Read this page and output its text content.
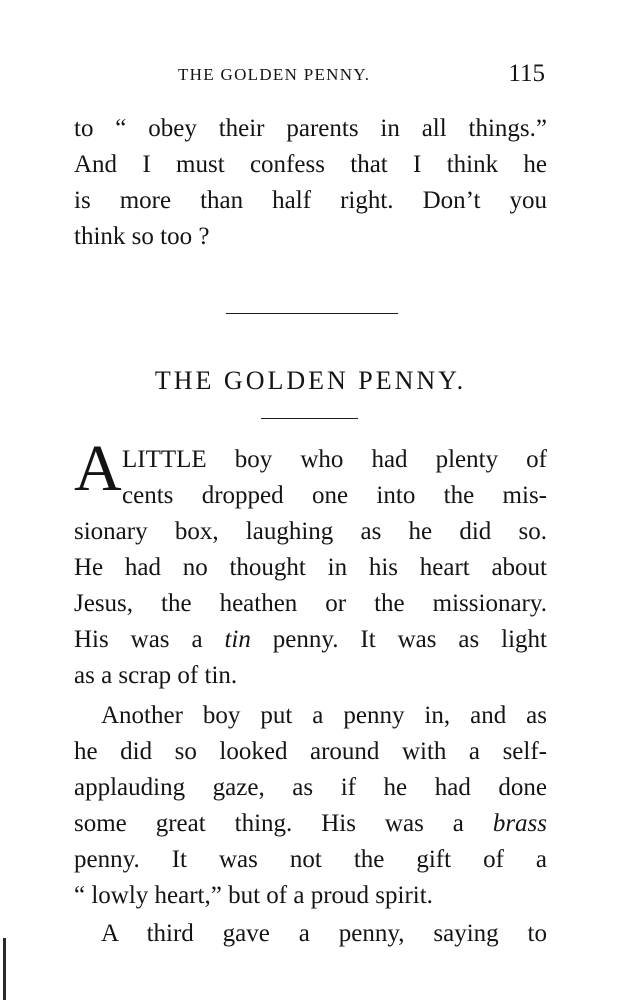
THE GOLDEN PENNY.	115
to “ obey their parents in all things.”
And I must confess that I think he
is more than half right. Don’t you
think so too ?
THE GOLDEN PENNY.
A LITTLE boy who had plenty of
cents dropped one into the mis-
sionary box, laughing as he did so.
He had no thought in his heart about
Jesus, the heathen or the missionary.
His was a tin penny. It was as light
as a scrap of tin.
Another boy put a penny in, and as
he did so looked around with a self-
applauding gaze, as if he had done
some great thing. His was a brass
penny. It was not the gift of a
“ lowly heart,” but of a proud spirit.
A third gave a penny, saying to
